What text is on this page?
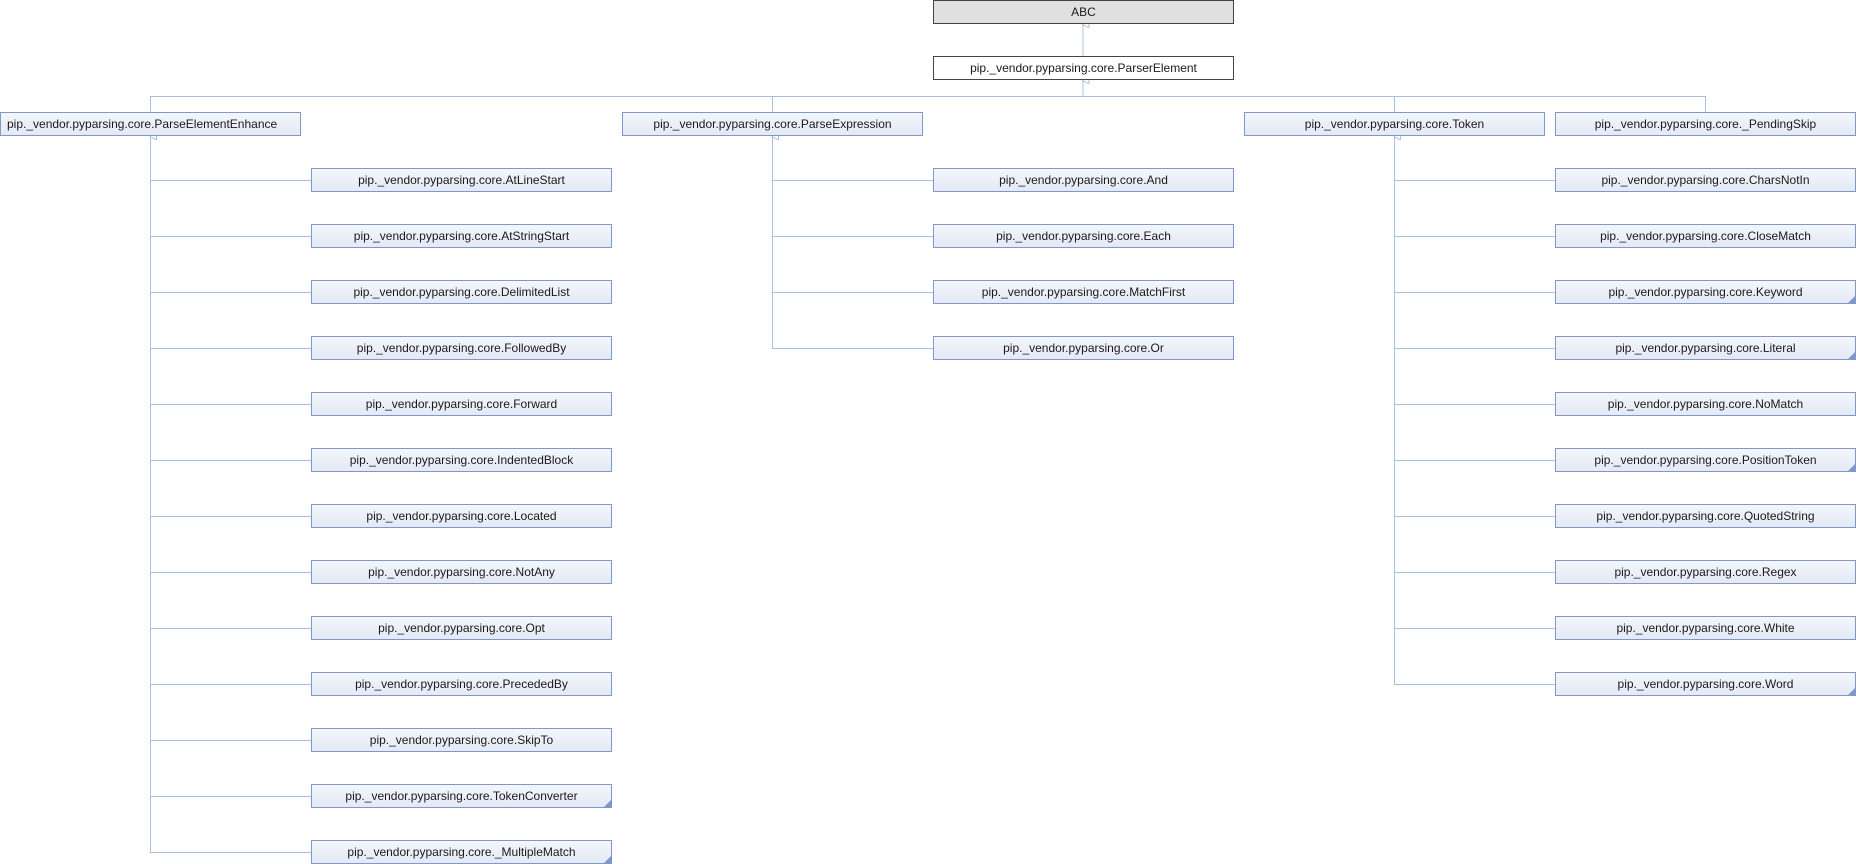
ABC
pip._vendor.pyparsing.core.ParserElement
pip._vendor.pyparsing.core.ParseElementEnhance	pip._vendor.pyparsing.core.ParseExpression	pip._vendor.pyparsing.core.Token	pip._vendor.pyparsing.core._PendingSkip
pip._vendor.pyparsing.core.AtLineStart
pip._vendor.pyparsing.core.AtStringStart
pip._vendor.pyparsing.core.DelimitedList
pip._vendor.pyparsing.core.FollowedBy
pip._vendor.pyparsing.core.Forward
pip._vendor.pyparsing.core.IndentedBlock
pip._vendor.pyparsing.core.Located
pip._vendor.pyparsing.core.NotAny
pip._vendor.pyparsing.core.Opt
pip._vendor.pyparsing.core.PrecededBy
pip._vendor.pyparsing.core.SkipTo
pip._vendor.pyparsing.core.TokenConverter
pip._vendor.pyparsing.core._MultipleMatch
pip._vendor.pyparsing.core.And
pip._vendor.pyparsing.core.Each
pip._vendor.pyparsing.core.MatchFirst
pip._vendor.pyparsing.core.Or
pip._vendor.pyparsing.core.CharsNotIn
pip._vendor.pyparsing.core.CloseMatch
pip._vendor.pyparsing.core.Keyword
pip._vendor.pyparsing.core.Literal
pip._vendor.pyparsing.core.NoMatch
pip._vendor.pyparsing.core.PositionToken
pip._vendor.pyparsing.core.QuotedString
pip._vendor.pyparsing.core.Regex
pip._vendor.pyparsing.core.White
pip._vendor.pyparsing.core.Word
